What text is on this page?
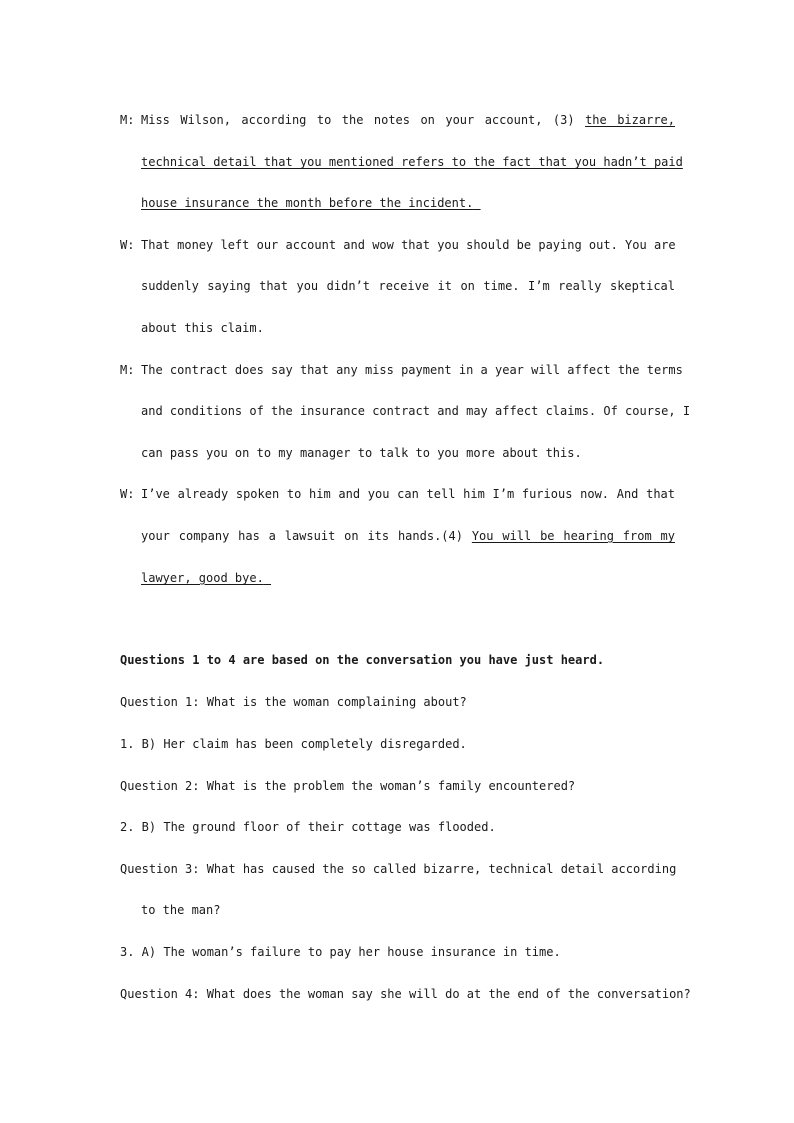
M: Miss Wilson, according to the notes on your account, (3) the bizarre,
technical detail that you mentioned refers to the fact that you hadn’t paid
house insurance the month before the incident.
W: That money left our account and wow that you should be paying out. You are
suddenly saying that you didn’t receive it on time. I’m really skeptical
about this claim.
M: The contract does say that any miss payment in a year will affect the terms
and conditions of the insurance contract and may affect claims. Of course, I
can pass you on to my manager to talk to you more about this.
W: I’ve already spoken to him and you can tell him I’m furious now. And that
your company has a lawsuit on its hands.(4) You will be hearing from my
lawyer, good bye.
Questions 1 to 4 are based on the conversation you have just heard.
Question 1: What is the woman complaining about?
1. B) Her claim has been completely disregarded.
Question 2: What is the problem the woman’s family encountered?
2. B) The ground floor of their cottage was flooded.
Question 3: What has caused the so called bizarre, technical detail according
to the man?
3. A) The woman’s failure to pay her house insurance in time.
Question 4: What does the woman say she will do at the end of the conversation?
